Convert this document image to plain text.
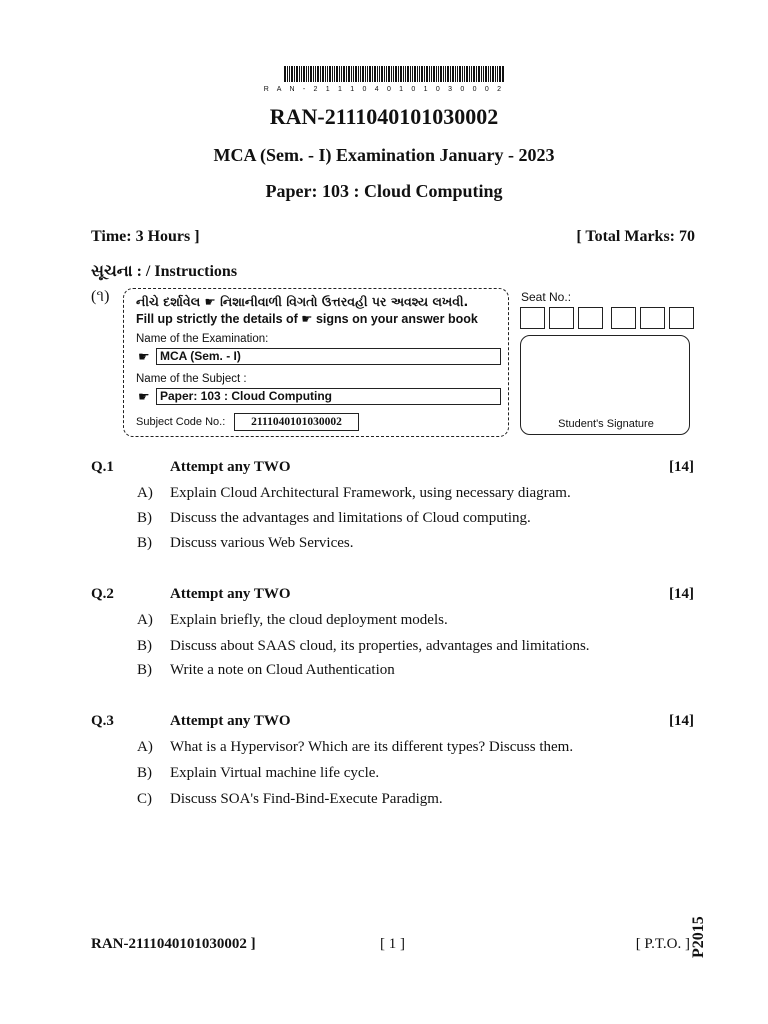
R A N - 2 1 1 1 0 4 0 1 0 1 0 3 0 0 0 2
RAN-2111040101030002
MCA (Sem. - I) Examination January - 2023
Paper: 103 : Cloud Computing
Time: 3 Hours ]	[ Total Marks: 70
સૂચના : / Instructions
(૧) નીચે દર્શાવેલ ☛ નિશાનીવાળી વિગતો ઉત્તરવહી પર અવશ્ય લખવી.
Fill up strictly the details of ☛ signs on your answer book
Name of the Examination:
☛ MCA (Sem. - I)
Name of the Subject :
☛ Paper: 103 : Cloud Computing
Subject Code No.:	2111040101030002
Seat No.:
Student's Signature
Q.1	Attempt any TWO	[14]
A) Explain Cloud Architectural Framework, using necessary diagram.
B) Discuss the advantages and limitations of Cloud computing.
B) Discuss various Web Services.
Q.2	Attempt any TWO	[14]
A) Explain briefly, the cloud deployment models.
B) Discuss about SAAS cloud, its properties, advantages and limitations.
B) Write a note on Cloud Authentication
Q.3	Attempt any TWO	[14]
A) What is a Hypervisor? Which are its different types? Discuss them.
B) Explain Virtual machine life cycle.
C) Discuss SOA's Find-Bind-Execute Paradigm.
RAN-2111040101030002 ]	[ 1 ]	[ P.T.O. ] P2015
